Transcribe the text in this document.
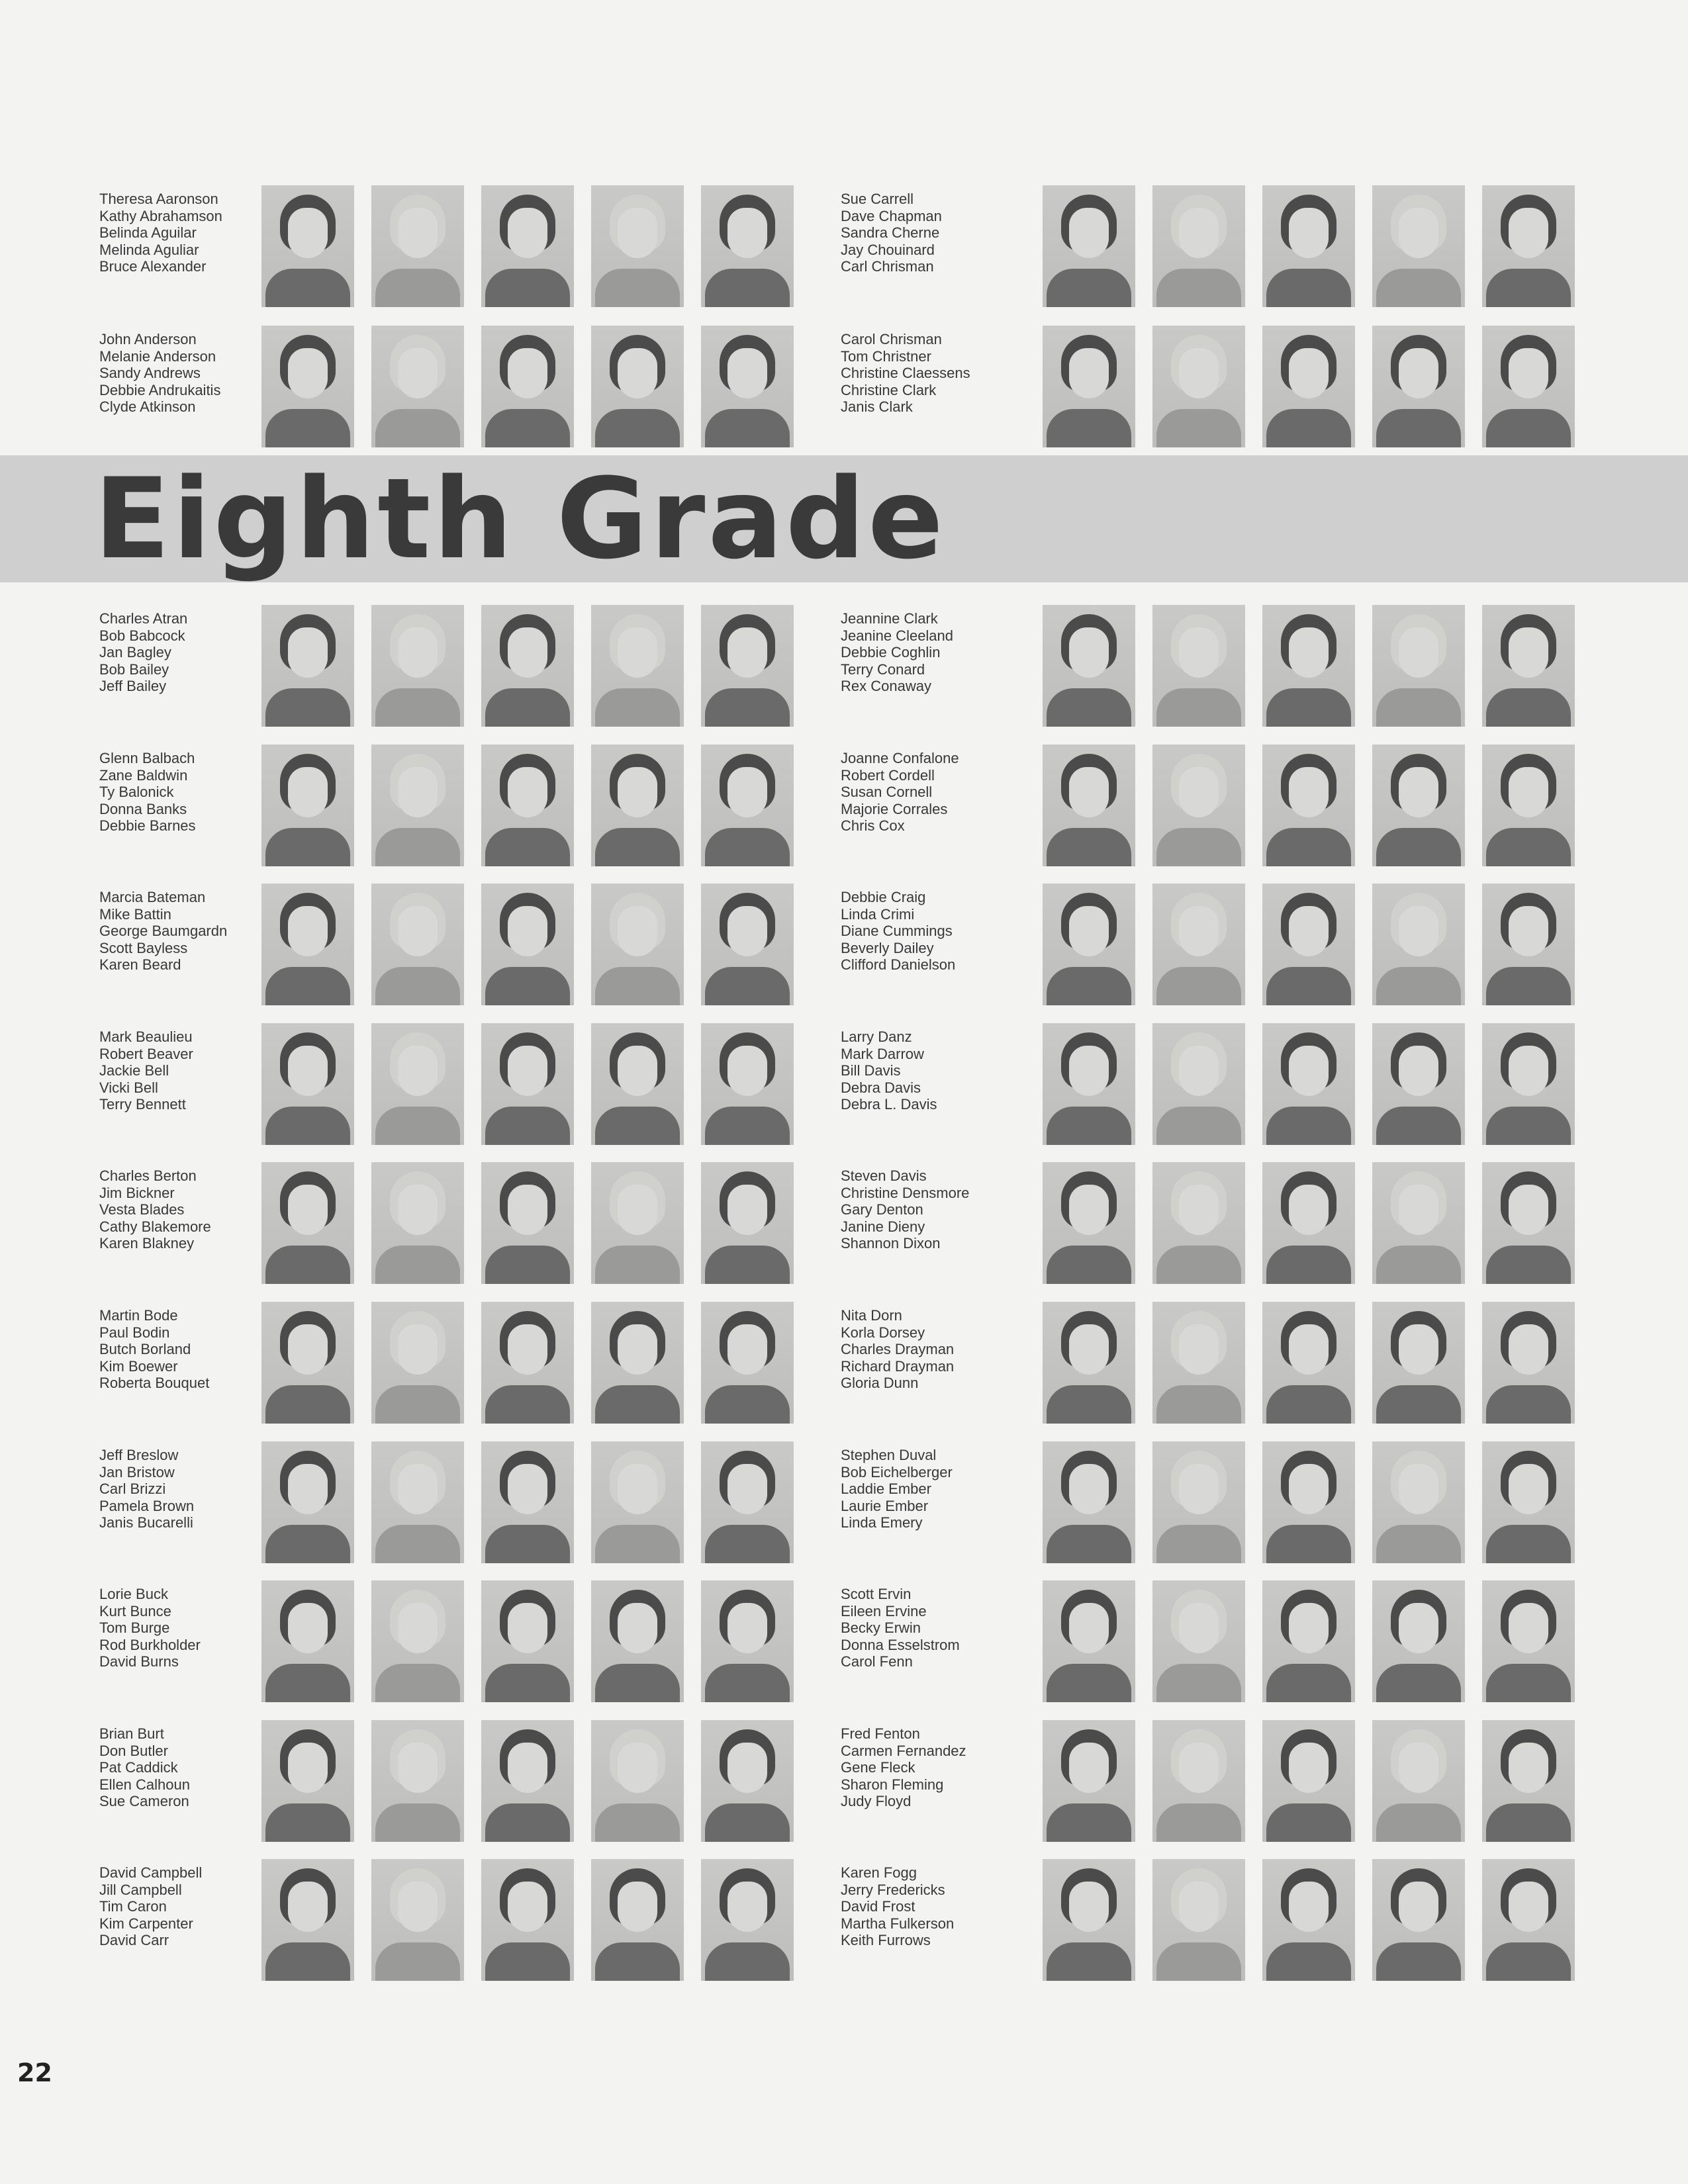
Eighth Grade
22
Theresa Aaronson
Kathy Abrahamson
Belinda Aguilar
Melinda Aguliar
Bruce Alexander
Sue Carrell
Dave Chapman
Sandra Cherne
Jay Chouinard
Carl Chrisman
John Anderson
Melanie Anderson
Sandy Andrews
Debbie Andrukaitis
Clyde Atkinson
Carol Chrisman
Tom Christner
Christine Claessens
Christine Clark
Janis Clark
Charles Atran
Bob Babcock
Jan Bagley
Bob Bailey
Jeff Bailey
Jeannine Clark
Jeanine Cleeland
Debbie Coghlin
Terry Conard
Rex Conaway
Glenn Balbach
Zane Baldwin
Ty Balonick
Donna Banks
Debbie Barnes
Joanne Confalone
Robert Cordell
Susan Cornell
Majorie Corrales
Chris Cox
Marcia Bateman
Mike Battin
George Baumgardn
Scott Bayless
Karen Beard
Debbie Craig
Linda Crimi
Diane Cummings
Beverly Dailey
Clifford Danielson
Mark Beaulieu
Robert Beaver
Jackie Bell
Vicki Bell
Terry Bennett
Larry Danz
Mark Darrow
Bill Davis
Debra Davis
Debra L. Davis
Charles Berton
Jim Bickner
Vesta Blades
Cathy Blakemore
Karen Blakney
Steven Davis
Christine Densmore
Gary Denton
Janine Dieny
Shannon Dixon
Martin Bode
Paul Bodin
Butch Borland
Kim Boewer
Roberta Bouquet
Nita Dorn
Korla Dorsey
Charles Drayman
Richard Drayman
Gloria Dunn
Jeff Breslow
Jan Bristow
Carl Brizzi
Pamela Brown
Janis Bucarelli
Stephen Duval
Bob Eichelberger
Laddie Ember
Laurie Ember
Linda Emery
Lorie Buck
Kurt Bunce
Tom Burge
Rod Burkholder
David Burns
Scott Ervin
Eileen Ervine
Becky Erwin
Donna Esselstrom
Carol Fenn
Brian Burt
Don Butler
Pat Caddick
Ellen Calhoun
Sue Cameron
Fred Fenton
Carmen Fernandez
Gene Fleck
Sharon Fleming
Judy Floyd
David Campbell
Jill Campbell
Tim Caron
Kim Carpenter
David Carr
Karen Fogg
Jerry Fredericks
David Frost
Martha Fulkerson
Keith Furrows
